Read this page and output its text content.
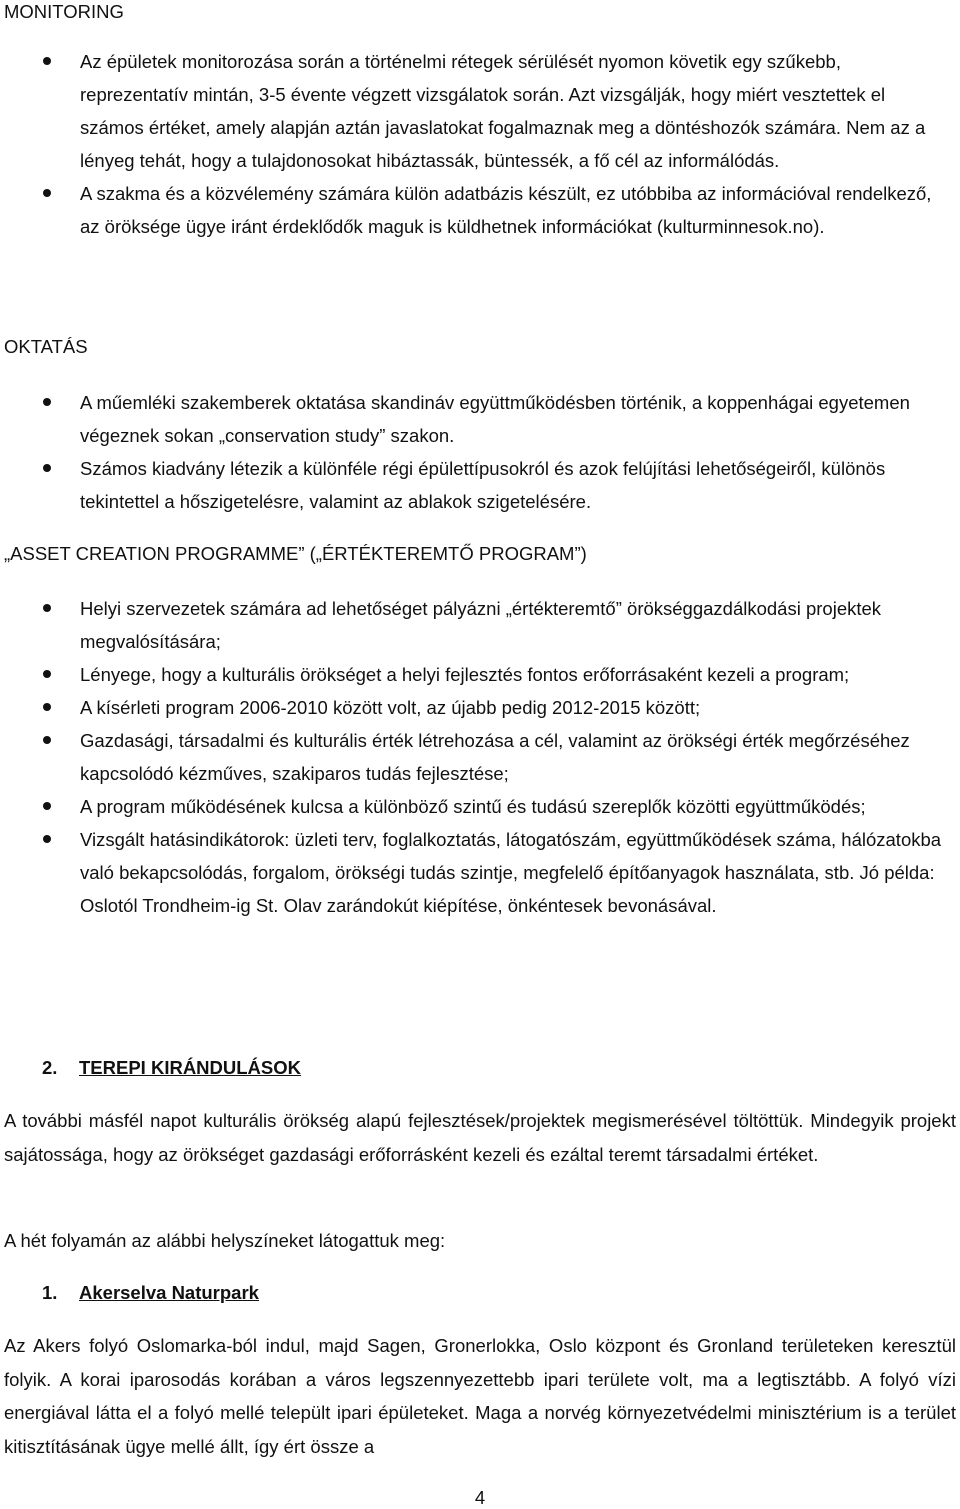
MONITORING
Az épületek monitorozása során a történelmi rétegek sérülését nyomon követik egy szűkebb, reprezentatív mintán, 3-5 évente végzett vizsgálatok során. Azt vizsgálják, hogy miért vesztettek el számos értéket, amely alapján aztán javaslatokat fogalmaznak meg a döntéshozók számára. Nem az a lényeg tehát, hogy a tulajdonosokat hibáztassák, büntessék, a fő cél az informálódás.
A szakma és a közvélemény számára külön adatbázis készült, ez utóbbiba az információval rendelkező, az öröksége ügye iránt érdeklődők maguk is küldhetnek információkat (kulturminnesok.no).
OKTATÁS
A műemléki szakemberek oktatása skandináv együttműködésben történik, a koppenhágai egyetemen végeznek sokan „conservation study” szakon.
Számos kiadvány létezik a különféle régi épülettípusokról és azok felújítási lehetőségeiről, különös tekintettel a hőszigetelésre, valamint az ablakok szigetelésére.
„ASSET CREATION PROGRAMME” („ÉRTÉKTEREMTŐ PROGRAM”)
Helyi szervezetek számára ad lehetőséget pályázni „értékteremtő” örökséggazdálkodási projektek megvalósítására;
Lényege, hogy a kulturális örökséget a helyi fejlesztés fontos erőforrásaként kezeli a program;
A kísérleti program 2006-2010 között volt, az újabb pedig 2012-2015 között;
Gazdasági, társadalmi és kulturális érték létrehozása a cél, valamint az örökségi érték megőrzéséhez kapcsolódó kézműves, szakiparos tudás fejlesztése;
A program működésének kulcsa a különböző szintű és tudású szereplők közötti együttműködés;
Vizsgált hatásindikátorok: üzleti terv, foglalkoztatás, látogatószám, együttműködések száma, hálózatokba való bekapcsolódás, forgalom, örökségi tudás szintje, megfelelő építőanyagok használata, stb. Jó példa: Oslotól Trondheim-ig St. Olav zarándokút kiépítése, önkéntesek bevonásával.
2. TEREPI KIRÁNDULÁSOK

A további másfél napot kulturális örökség alapú fejlesztések/projektek megismerésével töltöttük. Mindegyik projekt sajátossága, hogy az örökséget gazdasági erőforrásként kezeli és ezáltal teremt társadalmi értéket.

A hét folyamán az alábbi helyszíneket látogattuk meg:

1. Akerselva Naturpark

Az Akers folyó Oslomarka-ból indul, majd Sagen, Gronerlokka, Oslo központ és Gronland területeken keresztül folyik. A korai iparosodás korában a város legszennyezettebb ipari területe volt, ma a legtisztább. A folyó vízi energiával látta el a folyó mellé települt ipari épületeket. Maga a norvég környezetvédelmi minisztérium is a terület kitisztításának ügye mellé állt, így ért össze a

4
